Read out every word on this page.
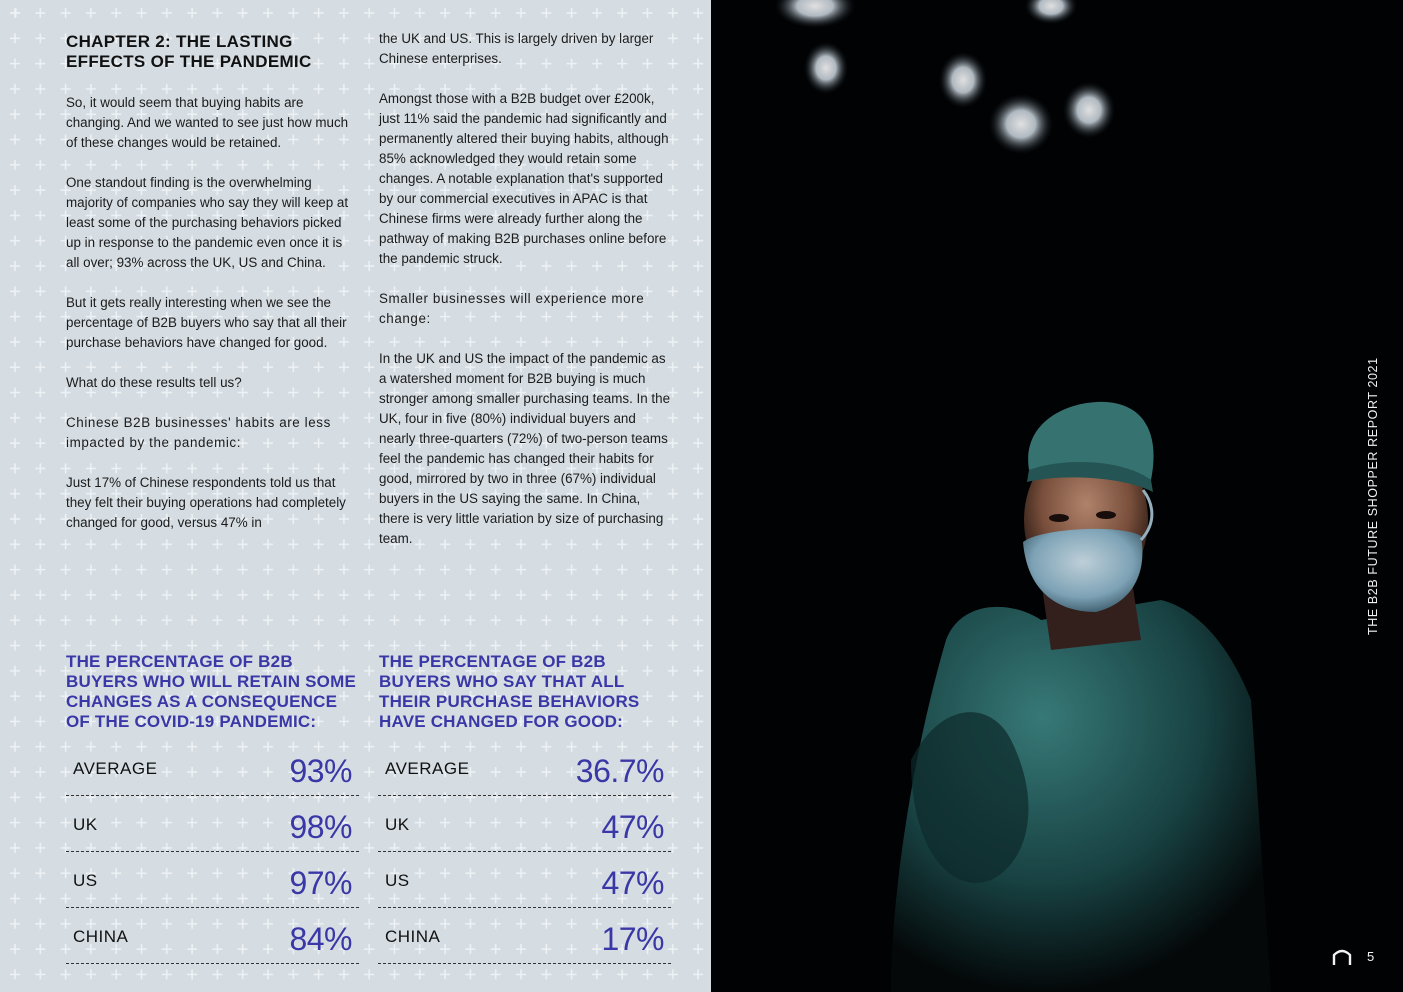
CHAPTER 2: THE LASTING EFFECTS OF THE PANDEMIC

So, it would seem that buying habits are changing. And we wanted to see just how much of these changes would be retained.

One standout finding is the overwhelming majority of companies who say they will keep at least some of the purchasing behaviors picked up in response to the pandemic even once it is all over; 93% across the UK, US and China.

But it gets really interesting when we see the percentage of B2B buyers who say that all their purchase behaviors have changed for good.

What do these results tell us?

Chinese B2B businesses' habits are less impacted by the pandemic:

Just 17% of Chinese respondents told us that they felt their buying operations had completely changed for good, versus 47% in

the UK and US. This is largely driven by larger Chinese enterprises.

Amongst those with a B2B budget over £200k, just 11% said the pandemic had significantly and permanently altered their buying habits, although 85% acknowledged they would retain some changes. A notable explanation that's supported by our commercial executives in APAC is that Chinese firms were already further along the pathway of making B2B purchases online before the pandemic struck.

Smaller businesses will experience more change:

In the UK and US the impact of the pandemic as a watershed moment for B2B buying is much stronger among smaller purchasing teams. In the UK, four in five (80%) individual buyers and nearly three-quarters (72%) of two-person teams feel the pandemic has changed their habits for good, mirrored by two in three (67%) individual buyers in the US saying the same. In China, there is very little variation by size of purchasing team.

THE PERCENTAGE OF B2B BUYERS WHO WILL RETAIN SOME CHANGES AS A CONSEQUENCE OF THE COVID-19 PANDEMIC:
AVERAGE	93%
UK	98%
US	97%
CHINA	84%
THE PERCENTAGE OF B2B BUYERS WHO SAY THAT ALL THEIR PURCHASE BEHAVIORS HAVE CHANGED FOR GOOD:
AVERAGE	36.7%
UK	47%
US	47%
CHINA	17%
THE B2B FUTURE SHOPPER REPORT 2021
5
